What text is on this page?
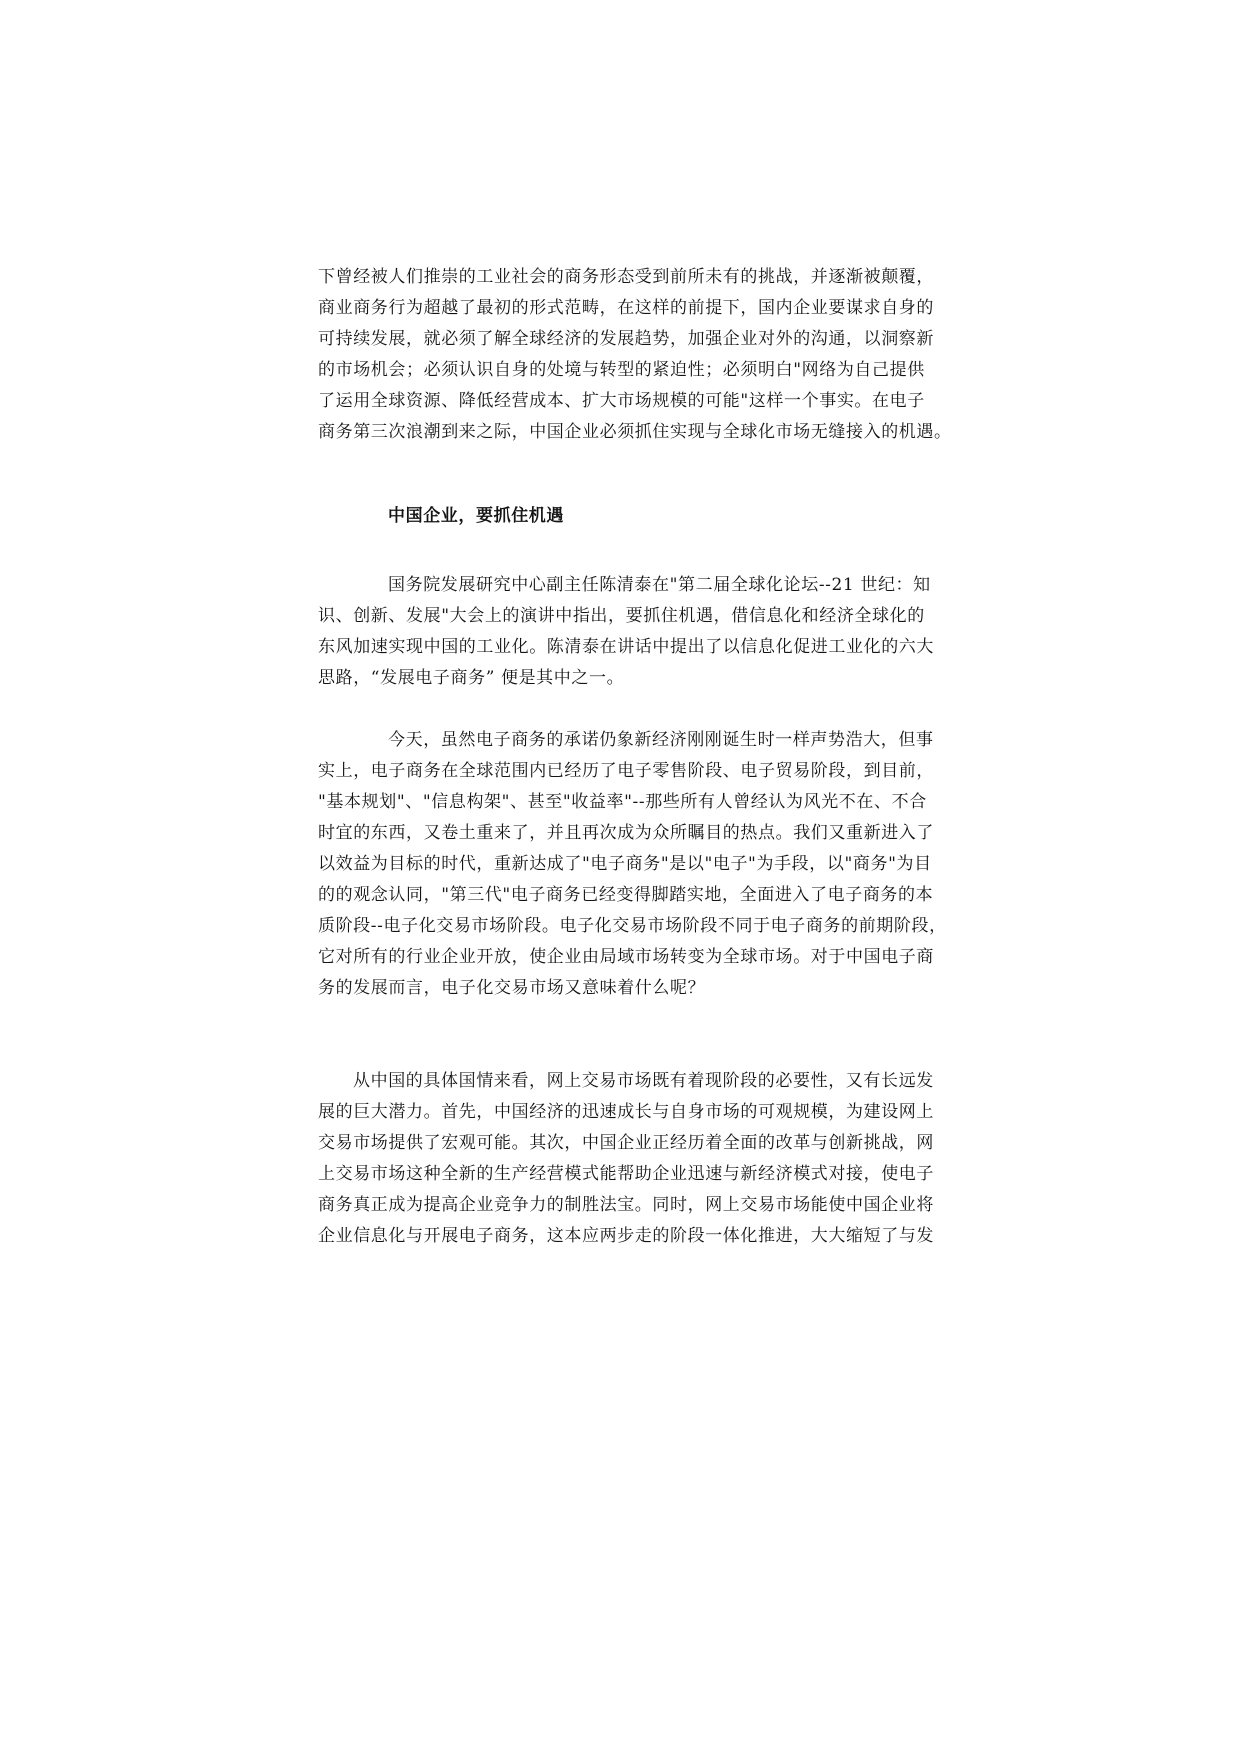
下曾经被人们推崇的工业社会的商务形态受到前所未有的挑战，并逐渐被颠覆，
商业商务行为超越了最初的形式范畴，在这样的前提下，国内企业要谋求自身的
可持续发展，就必须了解全球经济的发展趋势，加强企业对外的沟通，以洞察新
的市场机会；必须认识自身的处境与转型的紧迫性；必须明白"网络为自己提供
了运用全球资源、降低经营成本、扩大市场规模的可能"这样一个事实。在电子
商务第三次浪潮到来之际，中国企业必须抓住实现与全球化市场无缝接入的机遇。
中国企业，要抓住机遇
国务院发展研究中心副主任陈清泰在"第二届全球化论坛--21 世纪：知
识、创新、发展"大会上的演讲中指出，要抓住机遇，借信息化和经济全球化的
东风加速实现中国的工业化。陈清泰在讲话中提出了以信息化促进工业化的六大
思路，“发展电子商务” 便是其中之一。
今天，虽然电子商务的承诺仍象新经济刚刚诞生时一样声势浩大，但事
实上，电子商务在全球范围内已经历了电子零售阶段、电子贸易阶段，到目前，
"基本规划"、"信息构架"、甚至"收益率"--那些所有人曾经认为风光不在、不合
时宜的东西，又卷土重来了，并且再次成为众所瞩目的热点。我们又重新进入了
以效益为目标的时代，重新达成了"电子商务"是以"电子"为手段，以"商务"为目
的的观念认同，"第三代"电子商务已经变得脚踏实地，全面进入了电子商务的本
质阶段--电子化交易市场阶段。电子化交易市场阶段不同于电子商务的前期阶段，
它对所有的行业企业开放，使企业由局域市场转变为全球市场。对于中国电子商
务的发展而言，电子化交易市场又意味着什么呢？
从中国的具体国情来看，网上交易市场既有着现阶段的必要性，又有长远发
展的巨大潜力。首先，中国经济的迅速成长与自身市场的可观规模，为建设网上
交易市场提供了宏观可能。其次，中国企业正经历着全面的改革与创新挑战，网
上交易市场这种全新的生产经营模式能帮助企业迅速与新经济模式对接，使电子
商务真正成为提高企业竞争力的制胜法宝。同时，网上交易市场能使中国企业将
企业信息化与开展电子商务，这本应两步走的阶段一体化推进，大大缩短了与发
